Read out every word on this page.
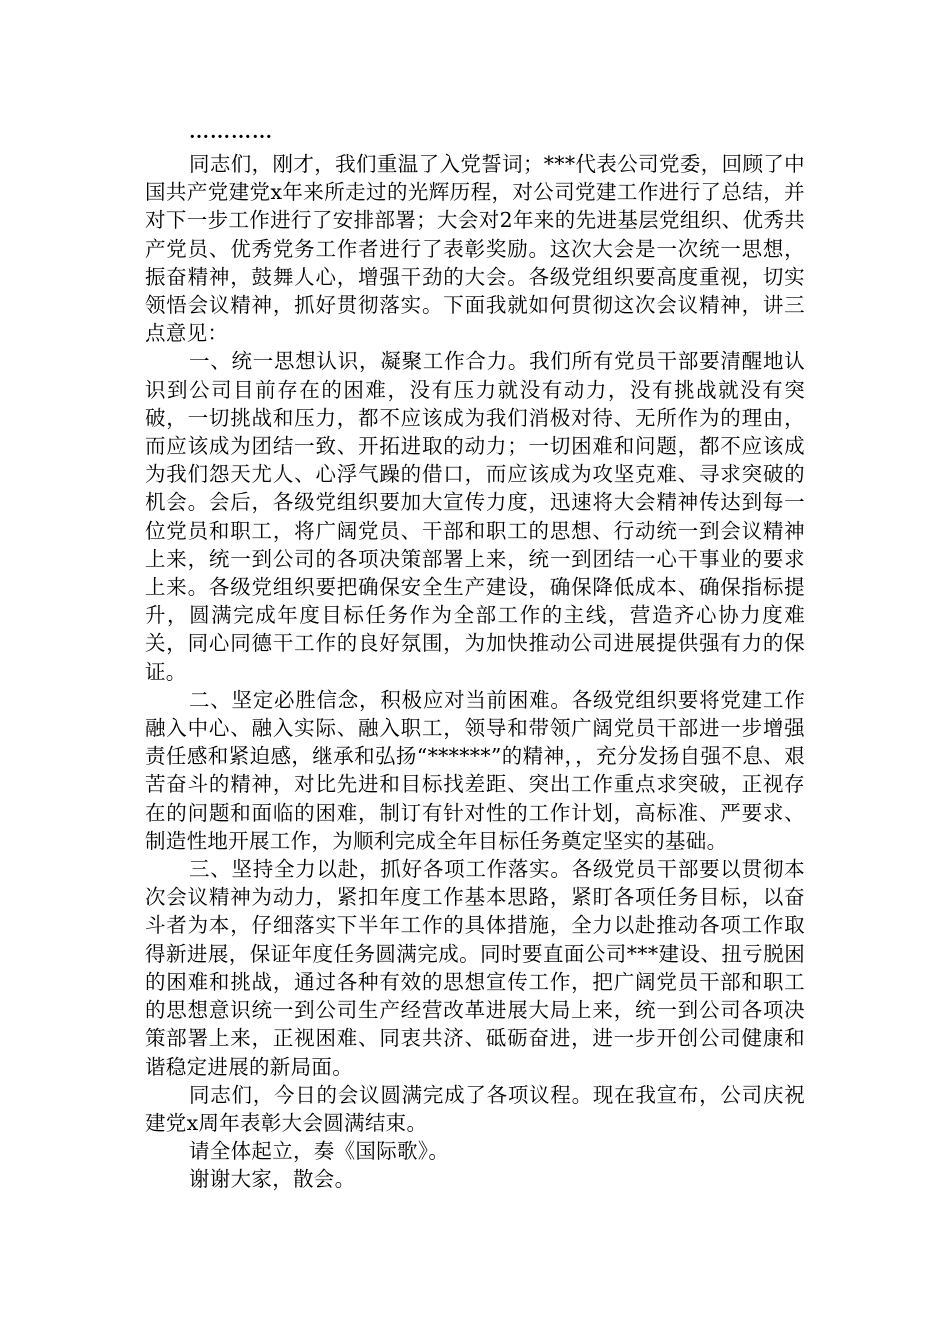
…………

同志们，刚才，我们重温了入党誓词；***代表公司党委，回顾了中国共产党建党x年来所走过的光辉历程，对公司党建工作进行了总结，并对下一步工作进行了安排部署；大会对2年来的先进基层党组织、优秀共产党员、优秀党务工作者进行了表彰奖励。这次大会是一次统一思想，振奋精神，鼓舞人心，增强干劲的大会。各级党组织要高度重视，切实领悟会议精神，抓好贯彻落实。下面我就如何贯彻这次会议精神，讲三点意见：

一、统一思想认识，凝聚工作合力。我们所有党员干部要清醒地认识到公司目前存在的困难，没有压力就没有动力，没有挑战就没有突破，一切挑战和压力，都不应该成为我们消极对待、无所作为的理由，而应该成为团结一致、开拓进取的动力；一切困难和问题，都不应该成为我们怨天尤人、心浮气躁的借口，而应该成为攻坚克难、寻求突破的机会。会后，各级党组织要加大宣传力度，迅速将大会精神传达到每一位党员和职工，将广阔党员、干部和职工的思想、行动统一到会议精神上来，统一到公司的各项决策部署上来，统一到团结一心干事业的要求上来。各级党组织要把确保安全生产建设，确保降低成本、确保指标提升，圆满完成年度目标任务作为全部工作的主线，营造齐心协力度难关，同心同德干工作的良好氛围，为加快推动公司进展提供强有力的保证。

二、坚定必胜信念，积极应对当前困难。各级党组织要将党建工作融入中心、融入实际、融入职工，领导和带领广阔党员干部进一步增强责任感和紧迫感，继承和弘扬“******”的精神，，充分发扬自强不息、艰苦奋斗的精神，对比先进和目标找差距、突出工作重点求突破，正视存在的问题和面临的困难，制订有针对性的工作计划，高标准、严要求、制造性地开展工作，为顺利完成全年目标任务奠定坚实的基础。

三、坚持全力以赴，抓好各项工作落实。各级党员干部要以贯彻本次会议精神为动力，紧扣年度工作基本思路，紧盯各项任务目标，以奋斗者为本，仔细落实下半年工作的具体措施，全力以赴推动各项工作取得新进展，保证年度任务圆满完成。同时要直面公司***建设、扭亏脱困的困难和挑战，通过各种有效的思想宣传工作，把广阔党员干部和职工的思想意识统一到公司生产经营改革进展大局上来，统一到公司各项决策部署上来，正视困难、同衷共济、砥砺奋进，进一步开创公司健康和谐稳定进展的新局面。

同志们，今日的会议圆满完成了各项议程。现在我宣布，公司庆祝建党x周年表彰大会圆满结束。

请全体起立，奏《国际歌》。

谢谢大家，散会。
